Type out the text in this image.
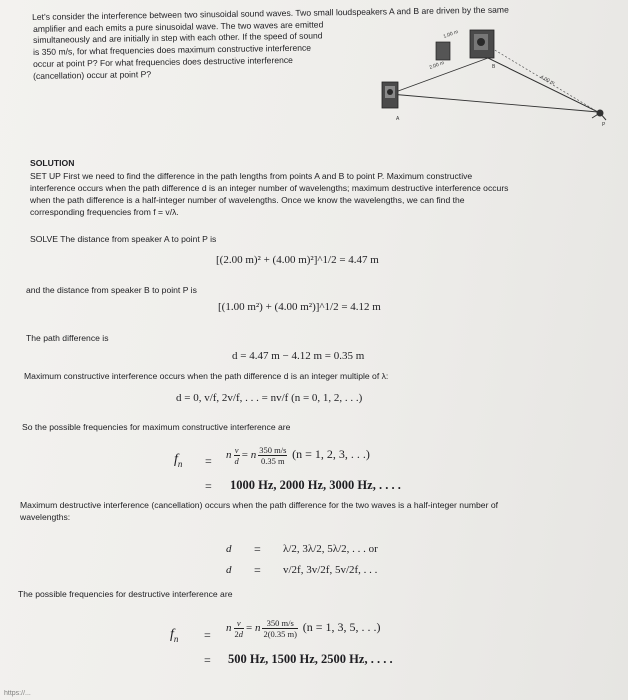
Let's consider the interference between two sinusoidal sound waves. Two small loudspeakers A and B are driven by the same
amplifier and each emits a pure sinusoidal wave. The two waves are emitted
simultaneously and are initially in step with each other. If the speed of sound
is 350 m/s, for what frequencies does maximum constructive interference
occur at point P? For what frequencies does destructive interference
(cancellation) occur at point P?
1.00 m
2.00 m
4.00 m
B
A
P
SOLUTION
SET UP First we need to find the difference in the path lengths from points A and B to point P. Maximum constructive
interference occurs when the path difference d is an integer number of wavelengths; maximum destructive interference occurs
when the path difference is a half-integer number of wavelengths. Once we know the wavelengths, we can find the
corresponding frequencies from f = v/λ.
SOLVE The distance from speaker A to point P is
[(2.00 m)² + (4.00 m)²]^1/2 = 4.47 m
and the distance from speaker B to point P is
[(1.00 m²) + (4.00 m²)]^1/2 = 4.12 m
The path difference is
d = 4.47 m − 4.12 m = 0.35 m
Maximum constructive interference occurs when the path difference d is an integer multiple of λ:
d = 0, v/f, 2v/f, . . . = nv/f (n = 0, 1, 2, . . .)
So the possible frequencies for maximum constructive interference are
$f_n = n \frac{v}{d} = n \frac{350 m/s}{0.35 m} (n = 1$, 2, 3, . . .)
= 1000 Hz, 2000 Hz, 3000 Hz, . . . .
Maximum destructive interference (cancellation) occurs when the path difference for the two waves is a half-integer number of
wavelengths:
d = λ/2, 3λ/2, 5λ/2, . . . or
d = v/2f, 3v/2f, 5v/2f, . . .
The possible frequencies for destructive interference are
$f_n = n \frac{v}{2d} = n \frac{350 m/s}{2(0.35 m)} (n = 1$, 3, 5, . . .)
= 500 Hz, 1500 Hz, 2500 Hz, . . . .
https://...
